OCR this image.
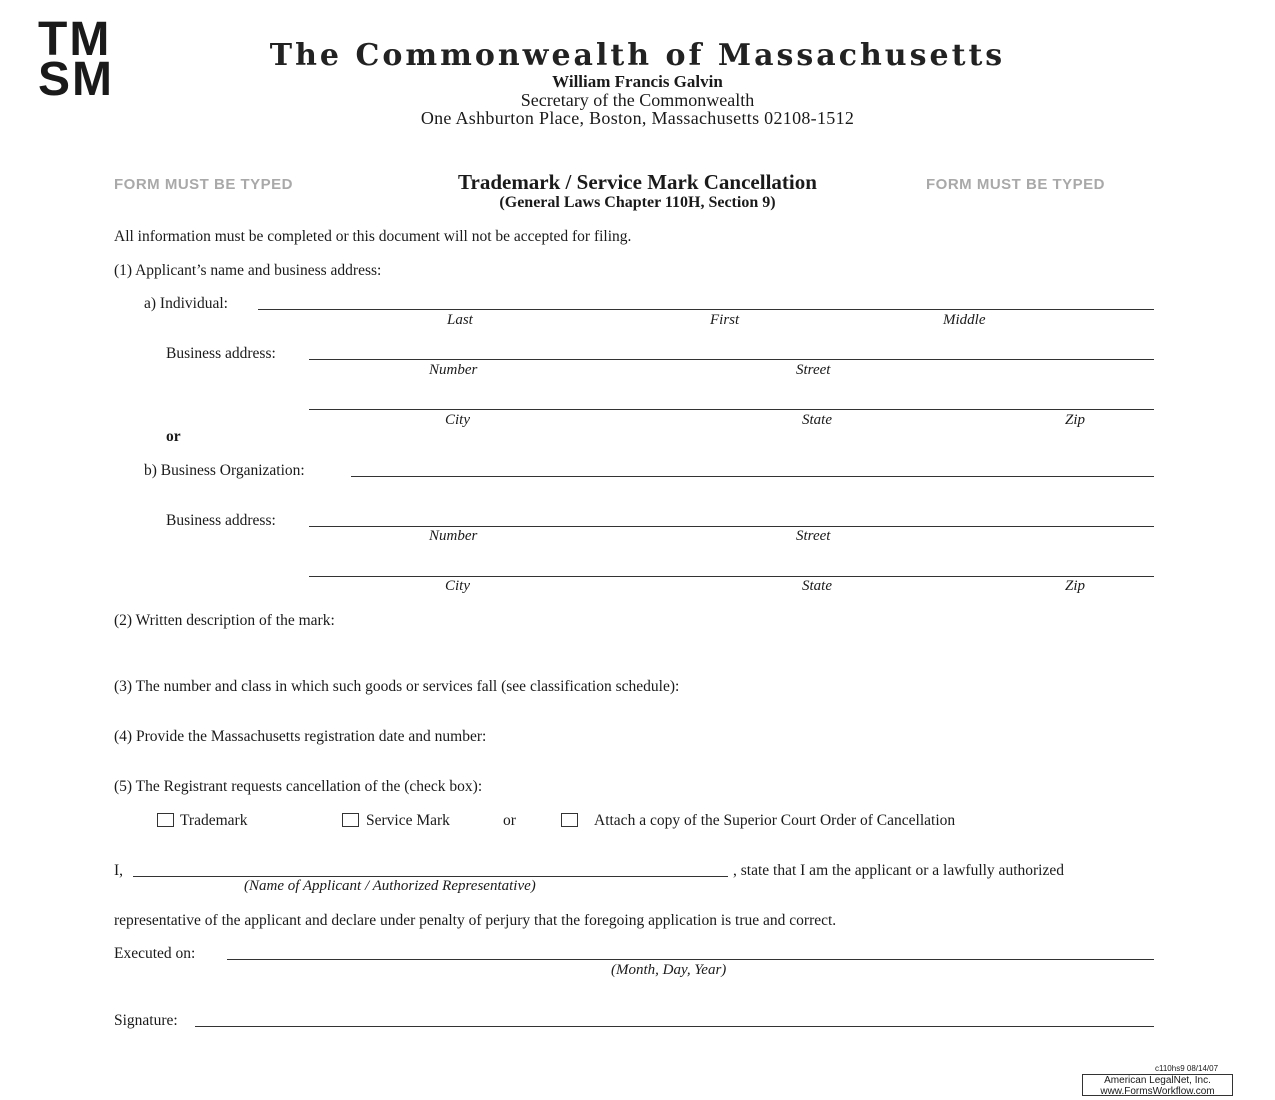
TM
SM	The Commonwealth of Massachusetts
William Francis Galvin
Secretary of the Commonwealth
One Ashburton Place, Boston, Massachusetts 02108-1512
FORM MUST BE TYPED	FORM MUST BE TYPED
Trademark / Service Mark Cancellation
(General Laws Chapter 110H, Section 9)
All information must be completed or this document will not be accepted for filing.
(1) Applicant’s name and business address:
a) Individual:
Last	First	Middle
Business address:
Number	Street
City	State	Zip
or
b) Business Organization:
Business address:
Number	Street
City	State	Zip
(2) Written description of the mark:
(3) The number and class in which such goods or services fall (see classification schedule):
(4) Provide the Massachusetts registration date and number:
(5) The Registrant requests cancellation of the (check box):
Trademark	Service Mark	or	Attach a copy of the Superior Court Order of Cancellation
I,	, state that I am the applicant or a lawfully authorized
(Name of Applicant / Authorized Representative)
representative of the applicant and declare under penalty of perjury that the foregoing application is true and correct.
Executed on:
(Month, Day, Year)
Signature:
c110hs9 08/14/07
American LegalNet, Inc.
www.FormsWorkflow.com
